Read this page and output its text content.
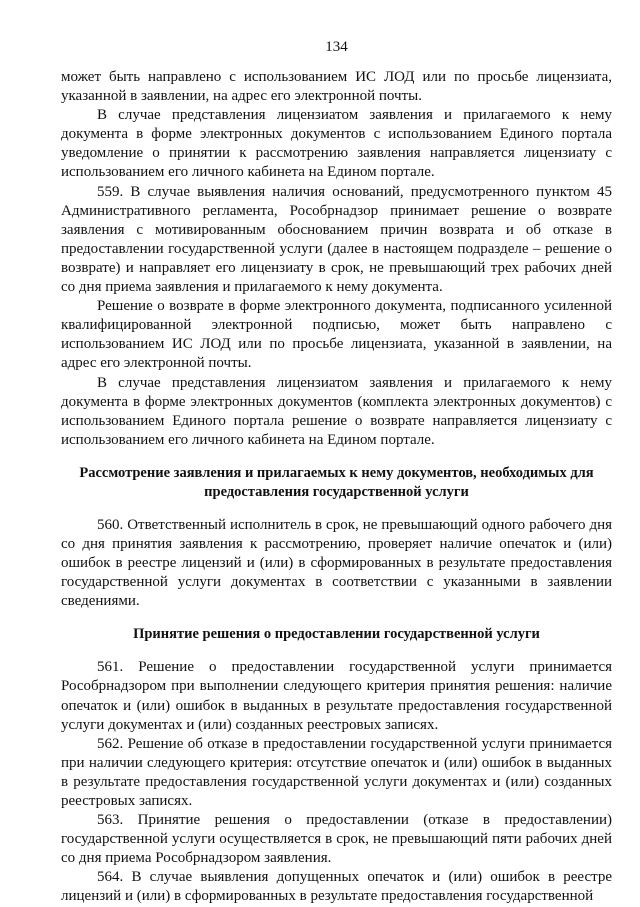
134

может быть направлено с использованием ИС ЛОД или по просьбе лицензиата, указанной в заявлении, на адрес его электронной почты.

В случае представления лицензиатом заявления и прилагаемого к нему документа в форме электронных документов с использованием Единого портала уведомление о принятии к рассмотрению заявления направляется лицензиату с использованием его личного кабинета на Едином портале.

559. В случае выявления наличия оснований, предусмотренного пунктом 45 Административного регламента, Рособрнадзор принимает решение о возврате заявления с мотивированным обоснованием причин возврата и об отказе в предоставлении государственной услуги (далее в настоящем подразделе – решение о возврате) и направляет его лицензиату в срок, не превышающий трех рабочих дней со дня приема заявления и прилагаемого к нему документа.

Решение о возврате в форме электронного документа, подписанного усиленной квалифицированной электронной подписью, может быть направлено с использованием ИС ЛОД или по просьбе лицензиата, указанной в заявлении, на адрес его электронной почты.

В случае представления лицензиатом заявления и прилагаемого к нему документа в форме электронных документов (комплекта электронных документов) с использованием Единого портала решение о возврате направляется лицензиату с использованием его личного кабинета на Едином портале.

Рассмотрение заявления и прилагаемых к нему документов, необходимых для предоставления государственной услуги

560. Ответственный исполнитель в срок, не превышающий одного рабочего дня со дня принятия заявления к рассмотрению, проверяет наличие опечаток и (или) ошибок в реестре лицензий и (или) в сформированных в результате предоставления государственной услуги документах в соответствии с указанными в заявлении сведениями.

Принятие решения о предоставлении государственной услуги

561. Решение о предоставлении государственной услуги принимается Рособрнадзором при выполнении следующего критерия принятия решения: наличие опечаток и (или) ошибок в выданных в результате предоставления государственной услуги документах и (или) созданных реестровых записях.

562. Решение об отказе в предоставлении государственной услуги принимается при наличии следующего критерия: отсутствие опечаток и (или) ошибок в выданных в результате предоставления государственной услуги документах и (или) созданных реестровых записях.

563. Принятие решения о предоставлении (отказе в предоставлении) государственной услуги осуществляется в срок, не превышающий пяти рабочих дней со дня приема Рособрнадзором заявления.

564. В случае выявления допущенных опечаток и (или) ошибок в реестре лицензий и (или) в сформированных в результате предоставления государственной
